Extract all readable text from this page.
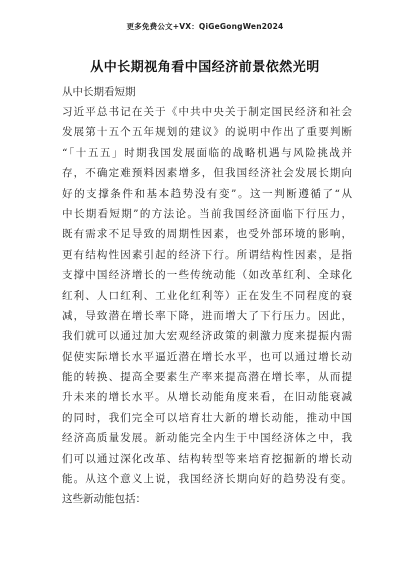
更多免费公文+VX：QiGeGongWen2024
从中长期视角看中国经济前景依然光明
从中长期看短期
习近平总书记在关于《中共中央关于制定国民经济和社会
发展第十五个五年规划的建议》的说明中作出了重要判断
“「十五五」时期我国发展面临的战略机遇与风险挑战并
存，不确定难预料因素增多，但我国经济社会发展长期向
好的支撑条件和基本趋势没有变”。这一判断遵循了“从
中长期看短期”的方法论。当前我国经济面临下行压力，
既有需求不足导致的周期性因素，也受外部环境的影响，
更有结构性因素引起的经济下行。所谓结构性因素，是指
支撑中国经济增长的一些传统动能（如改革红利、全球化
红利、人口红利、工业化红利等）正在发生不同程度的衰
减，导致潜在增长率下降，进而增大了下行压力。因此，
我们就可以通过加大宏观经济政策的刺激力度来提振内需
促使实际增长水平逼近潜在增长水平，也可以通过增长动
能的转换、提高全要素生产率来提高潜在增长率，从而提
升未来的增长水平。从增长动能角度来看，在旧动能衰减
的同时，我们完全可以培育壮大新的增长动能，推动中国
经济高质量发展。新动能完全内生于中国经济体之中，我
们可以通过深化改革、结构转型等来培育挖掘新的增长动
能。从这个意义上说，我国经济长期向好的趋势没有变。
这些新动能包括：
